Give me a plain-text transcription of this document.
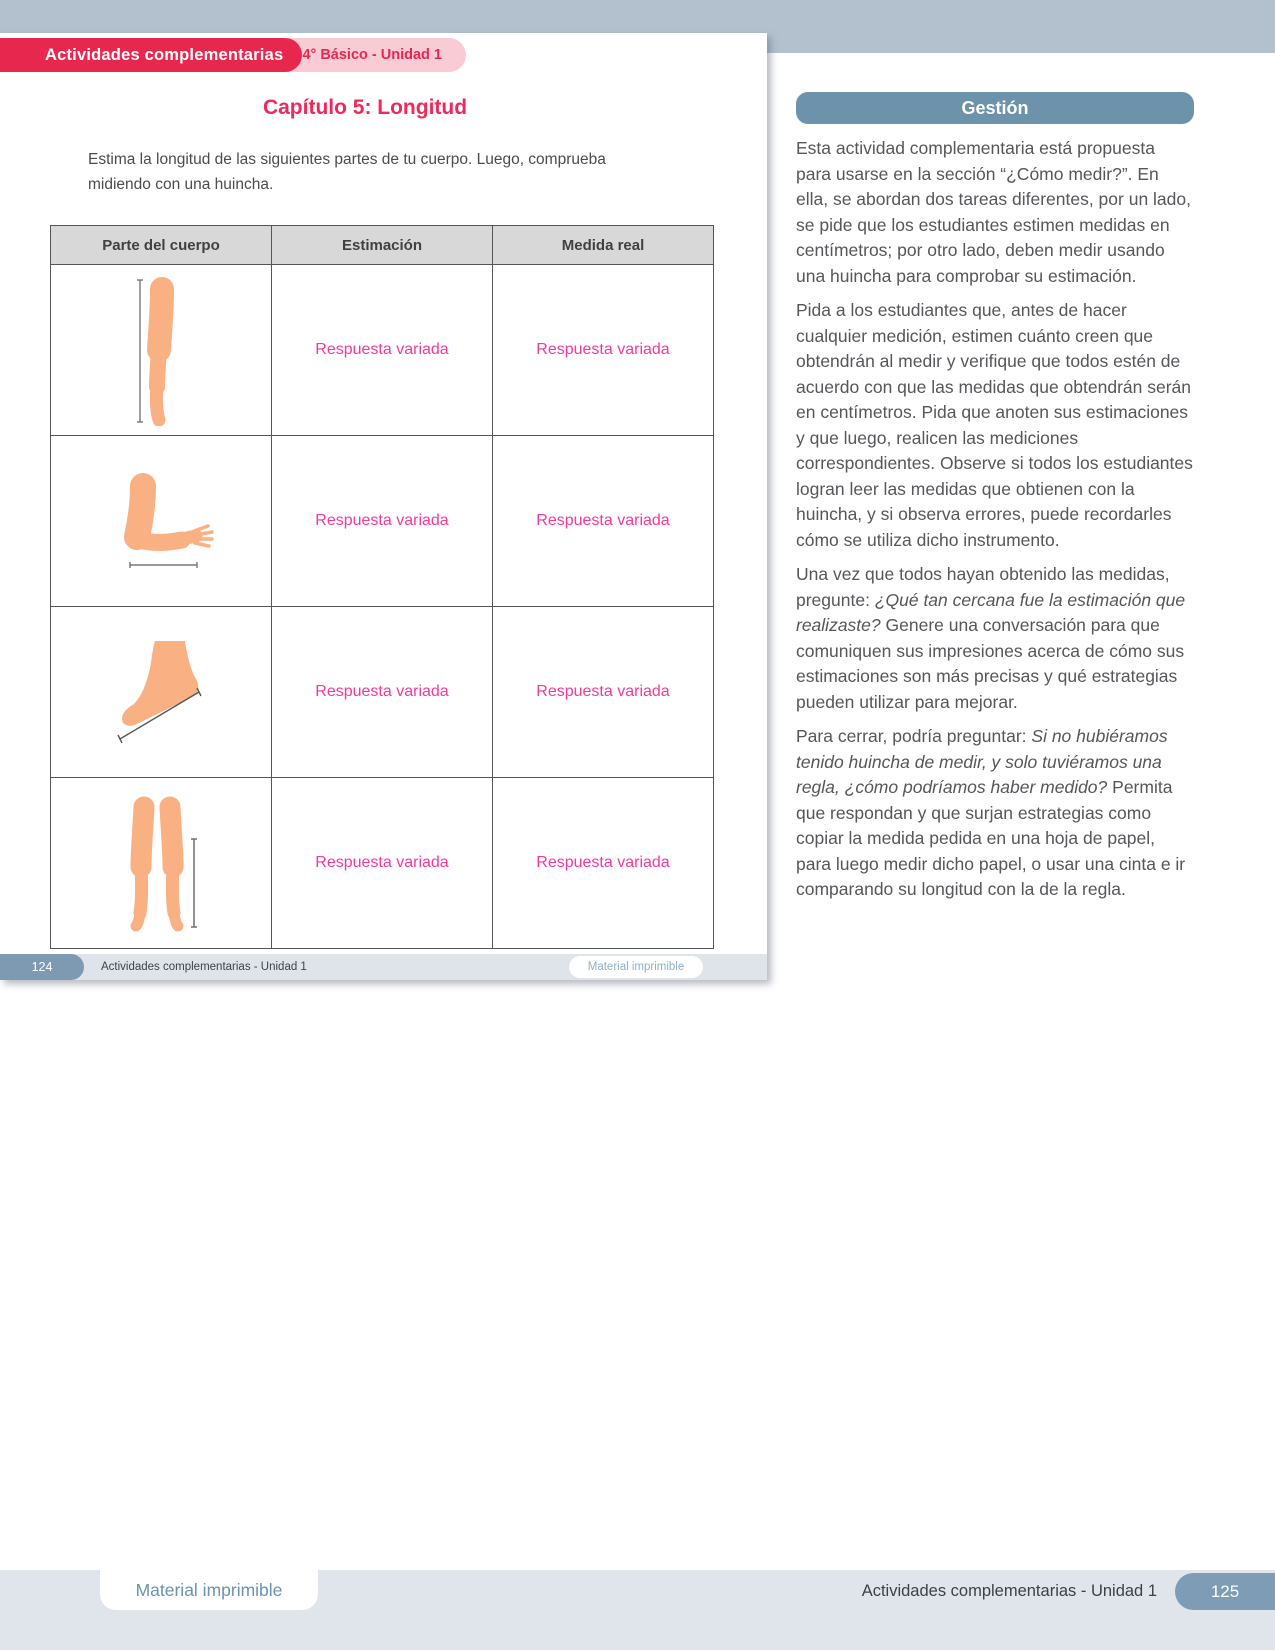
4° Básico - Unidad 1
Actividades complementarias
Capítulo 5: Longitud
Estima la longitud de las siguientes partes de tu cuerpo. Luego, comprueba midiendo con una huincha.
Parte del cuerpo	Estimación	Medida real

	Respuesta variada	Respuesta variada

	Respuesta variada	Respuesta variada

	Respuesta variada	Respuesta variada

	Respuesta variada	Respuesta variada
124	Actividades complementarias - Unidad 1	Material imprimible
Gestión

Esta actividad complementaria está propuesta para usarse en la sección “¿Cómo medir?”. En ella, se abordan dos tareas diferentes, por un lado, se pide que los estudiantes estimen medidas en centímetros; por otro lado, deben medir usando una huincha para comprobar su estimación.

Pida a los estudiantes que, antes de hacer cualquier medición, estimen cuánto creen que obtendrán al medir y verifique que todos estén de acuerdo con que las medidas que obtendrán serán en centímetros. Pida que anoten sus estimaciones y que luego, realicen las mediciones correspondientes. Observe si todos los estudiantes logran leer las medidas que obtienen con la huincha, y si observa errores, puede recordarles cómo se utiliza dicho instrumento.

Una vez que todos hayan obtenido las medidas, pregunte: ¿Qué tan cercana fue la estimación que realizaste? Genere una conversación para que comuniquen sus impresiones acerca de cómo sus estimaciones son más precisas y qué estrategias pueden utilizar para mejorar.

Para cerrar, podría preguntar: Si no hubiéramos tenido huincha de medir, y solo tuviéramos una regla, ¿cómo podríamos haber medido? Permita que respondan y que surjan estrategias como copiar la medida pedida en una hoja de papel, para luego medir dicho papel, o usar una cinta e ir comparando su longitud con la de la regla.

Material imprimible	Actividades complementarias - Unidad 1	125
